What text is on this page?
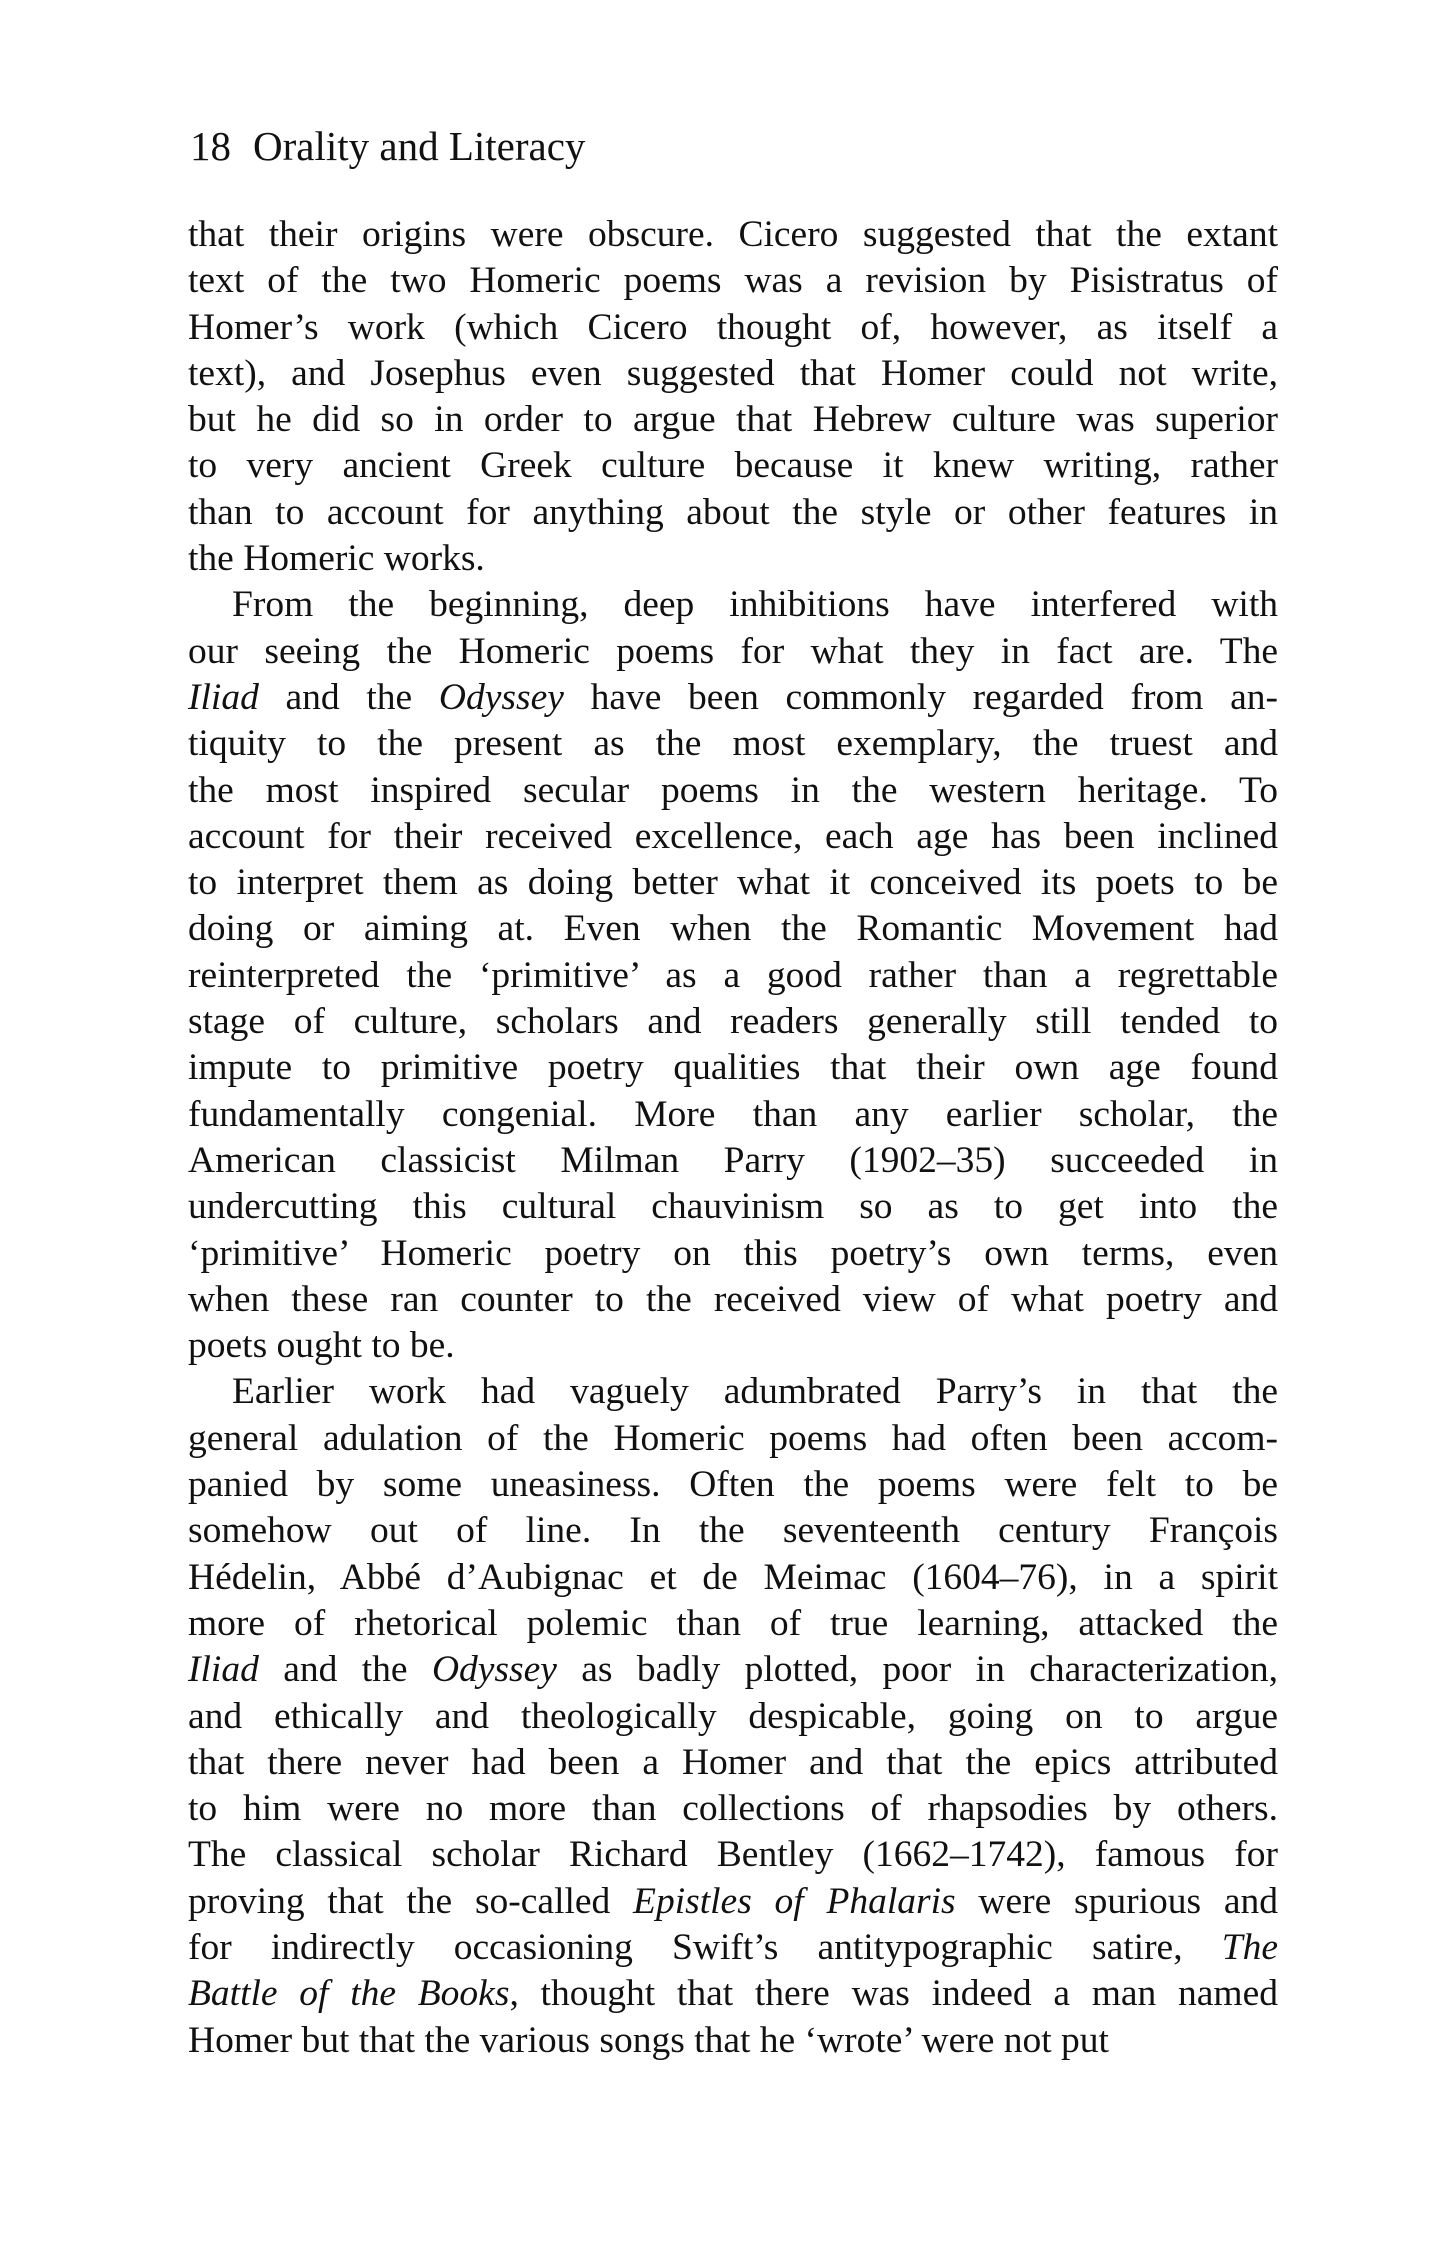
18 Orality and Literacy
that their origins were obscure. Cicero suggested that the extant
text of the two Homeric poems was a revision by Pisistratus of
Homer’s work (which Cicero thought of, however, as itself a
text), and Josephus even suggested that Homer could not write,
but he did so in order to argue that Hebrew culture was superior
to very ancient Greek culture because it knew writing, rather
than to account for anything about the style or other features in
the Homeric works.
From the beginning, deep inhibitions have interfered with
our seeing the Homeric poems for what they in fact are. The
Iliad and the Odyssey have been commonly regarded from an-
tiquity to the present as the most exemplary, the truest and
the most inspired secular poems in the western heritage. To
account for their received excellence, each age has been inclined
to interpret them as doing better what it conceived its poets to be
doing or aiming at. Even when the Romantic Movement had
reinterpreted the ‘primitive’ as a good rather than a regrettable
stage of culture, scholars and readers generally still tended to
impute to primitive poetry qualities that their own age found
fundamentally congenial. More than any earlier scholar, the
American classicist Milman Parry (1902–35) succeeded in
undercutting this cultural chauvinism so as to get into the
‘primitive’ Homeric poetry on this poetry’s own terms, even
when these ran counter to the received view of what poetry and
poets ought to be.
Earlier work had vaguely adumbrated Parry’s in that the
general adulation of the Homeric poems had often been accom-
panied by some uneasiness. Often the poems were felt to be
somehow out of line. In the seventeenth century François
Hédelin, Abbé d’Aubignac et de Meimac (1604–76), in a spirit
more of rhetorical polemic than of true learning, attacked the
Iliad and the Odyssey as badly plotted, poor in characterization,
and ethically and theologically despicable, going on to argue
that there never had been a Homer and that the epics attributed
to him were no more than collections of rhapsodies by others.
The classical scholar Richard Bentley (1662–1742), famous for
proving that the so-called Epistles of Phalaris were spurious and
for indirectly occasioning Swift’s antitypographic satire, The
Battle of the Books, thought that there was indeed a man named
Homer but that the various songs that he ‘wrote’ were not put
